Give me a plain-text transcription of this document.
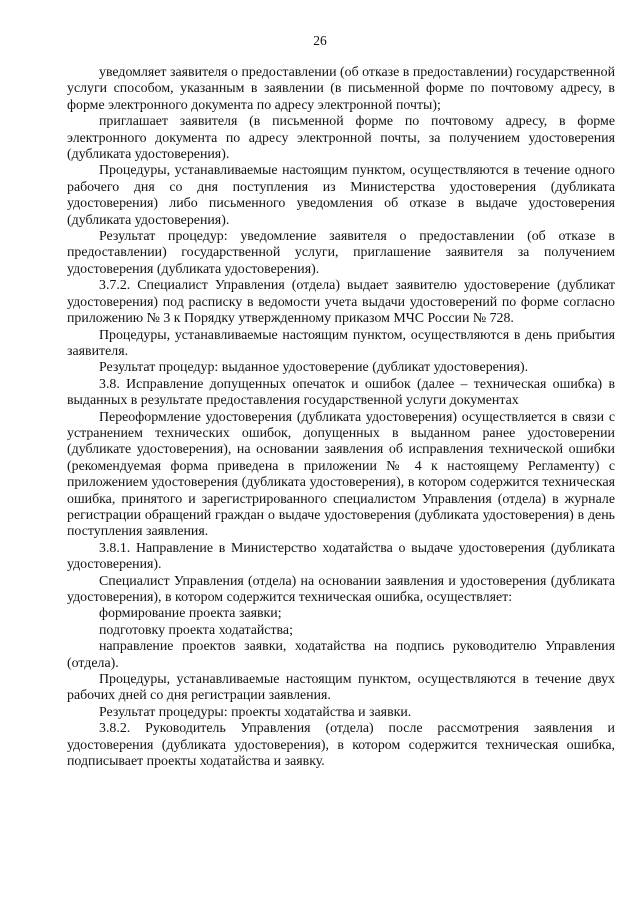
26

уведомляет заявителя о предоставлении (об отказе в предоставлении) государственной услуги способом, указанным в заявлении (в письменной форме по почтовому адресу, в форме электронного документа по адресу электронной почты);

приглашает заявителя (в письменной форме по почтовому адресу, в форме электронного документа по адресу электронной почты, за получением удостоверения (дубликата удостоверения).

Процедуры, устанавливаемые настоящим пунктом, осуществляются в течение одного рабочего дня со дня поступления из Министерства удостоверения (дубликата удостоверения) либо письменного уведомления об отказе в выдаче удостоверения (дубликата удостоверения).

Результат процедур: уведомление заявителя о предоставлении (об отказе в предоставлении) государственной услуги, приглашение заявителя за получением удостоверения (дубликата удостоверения).

3.7.2. Специалист Управления (отдела) выдает заявителю удостоверение (дубликат удостоверения) под расписку в ведомости учета выдачи удостоверений по форме согласно приложению № 3 к Порядку утвержденному приказом МЧС России № 728.

Процедуры, устанавливаемые настоящим пунктом, осуществляются в день прибытия заявителя.

Результат процедур: выданное удостоверение (дубликат удостоверения).

3.8. Исправление допущенных опечаток и ошибок (далее – техническая ошибка) в выданных в результате предоставления государственной услуги документах

Переоформление удостоверения (дубликата удостоверения) осуществляется в связи с устранением технических ошибок, допущенных в выданном ранее удостоверении (дубликате удостоверения), на основании заявления об исправления технической ошибки (рекомендуемая форма приведена в приложении № 4 к настоящему Регламенту) с приложением удостоверения (дубликата удостоверения), в котором содержится техническая ошибка, принятого и зарегистрированного специалистом Управления (отдела) в журнале регистрации обращений граждан о выдаче удостоверения (дубликата удостоверения) в день поступления заявления.

3.8.1. Направление в Министерство ходатайства о выдаче удостоверения (дубликата удостоверения).

Специалист Управления (отдела) на основании заявления и удостоверения (дубликата удостоверения), в котором содержится техническая ошибка, осуществляет:

формирование проекта заявки;

подготовку проекта ходатайства;

направление проектов заявки, ходатайства на подпись руководителю Управления (отдела).

Процедуры, устанавливаемые настоящим пунктом, осуществляются в течение двух рабочих дней со дня регистрации заявления.

Результат процедуры: проекты ходатайства и заявки.

3.8.2. Руководитель Управления (отдела) после рассмотрения заявления и удостоверения (дубликата удостоверения), в котором содержится техническая ошибка, подписывает проекты ходатайства и заявку.
